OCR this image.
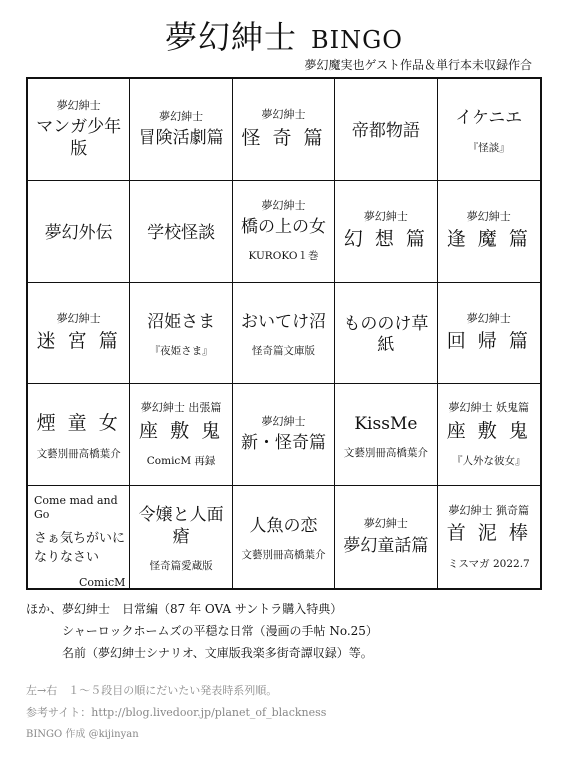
夢幻紳士 BINGO
夢幻魔実也ゲスト作品＆単行本未収録作合
夢幻紳士
マンガ少年版
夢幻紳士
冒険活劇篇
夢幻紳士
怪 奇 篇 帝都物語
イケニエ
『怪談』
夢幻外伝 学校怪談
夢幻紳士
橋の上の女
KUROKO１巻
夢幻紳士
幻 想 篇
夢幻紳士
逢 魔 篇
夢幻紳士
迷 宮 篇
沼姫さま
『夜姫さま』
おいてけ沼
怪奇篇文庫版
もののけ草紙
夢幻紳士
回 帰 篇
煙 童 女
文藝別冊高橋葉介
夢幻紳士 出張篇
座 敷 鬼
ComicM 再録
夢幻紳士
新・怪奇篇
KissMe
文藝別冊高橋葉介
夢幻紳士 妖鬼篇
座 敷 鬼
『人外な彼女』
Come mad and Go
さぁ気ちがいになりなさい
ComicM
令嬢と人面瘡
怪奇篇愛蔵版
人魚の恋
文藝別冊高橋葉介
夢幻紳士
夢幻童話篇
夢幻紳士 猟奇篇
首 泥 棒
ミスマガ 2022.7
ほか、夢幻紳士　日常編（87 年 OVA サントラ購入特典）
シャーロックホームズの平穏な日常（漫画の手帖 No.25）
名前（夢幻紳士シナリオ、文庫版我楽多街奇譚収録）等。
左→右　１～５段目の順にだいたい発表時系列順。
参考サイト：http://blog.livedoor.jp/planet_of_blackness
BINGO 作成 @kijinyan
